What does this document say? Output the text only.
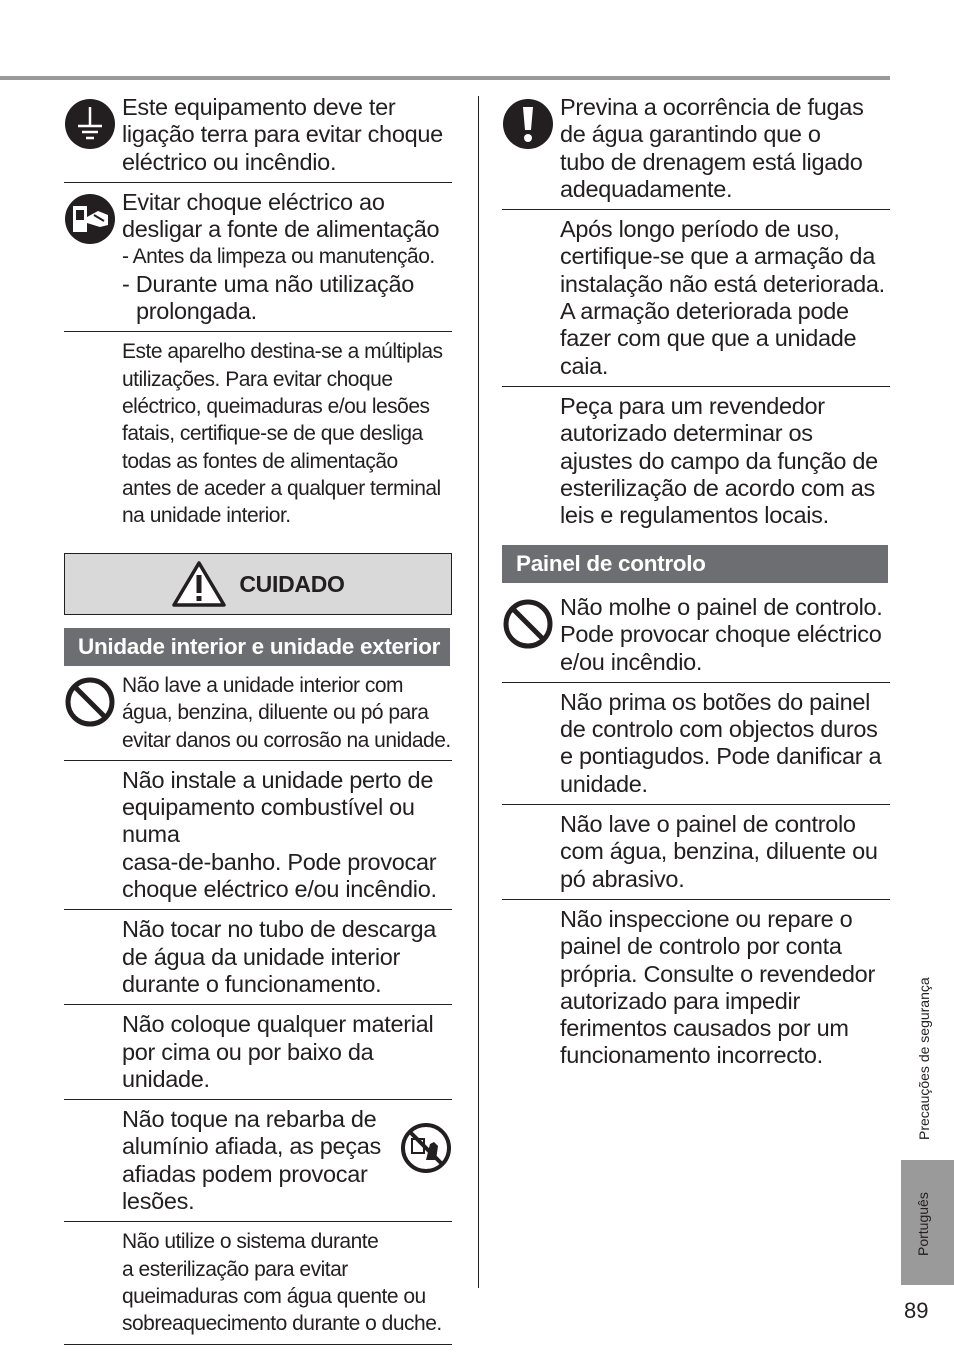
Este equipamento deve ter

ligação terra para evitar choque

eléctrico ou incêndio.

Evitar choque eléctrico ao

desligar a fonte de alimentação

- Antes da limpeza ou manutenção.

- Durante uma não utilização

prolongada.

Este aparelho destina-se a múltiplas

utilizações. Para evitar choque

eléctrico, queimaduras e/ou lesões

fatais, certifique-se de que desliga

todas as fontes de alimentação

antes de aceder a qualquer terminal

na unidade interior.

CUIDADO
Unidade interior e unidade exterior

Não lave a unidade interior com

água, benzina, diluente ou pó para

evitar danos ou corrosão na unidade.

Não instale a unidade perto de

equipamento combustível ou numa

casa-de-banho. Pode provocar

choque eléctrico e/ou incêndio.

Não tocar no tubo de descarga

de água da unidade interior

durante o funcionamento.

Não coloque qualquer material

por cima ou por baixo da unidade.

Não toque na rebarba de

alumínio afiada, as peças

afiadas podem provocar

lesões.

Não utilize o sistema durante

a esterilização para evitar

queimaduras com água quente ou

sobreaquecimento durante o duche.

Previna a ocorrência de fugas

de água garantindo que o

tubo de drenagem está ligado

adequadamente.

Após longo período de uso,

certifique-se que a armação da

instalação não está deteriorada.

A armação deteriorada pode

fazer com que que a unidade

caia.

Peça para um revendedor

autorizado determinar os

ajustes do campo da função de

esterilização de acordo com as

leis e regulamentos locais.

Painel de controlo

Não molhe o painel de controlo.

Pode provocar choque eléctrico

e/ou incêndio.

Não prima os botões do painel

de controlo com objectos duros

e pontiagudos. Pode danificar a

unidade.

Não lave o painel de controlo

com água, benzina, diluente ou

pó abrasivo.

Não inspeccione ou repare o

painel de controlo por conta

própria. Consulte o revendedor

autorizado para impedir

ferimentos causados por um

funcionamento incorrecto.	Precauções de segurança
Português
89
